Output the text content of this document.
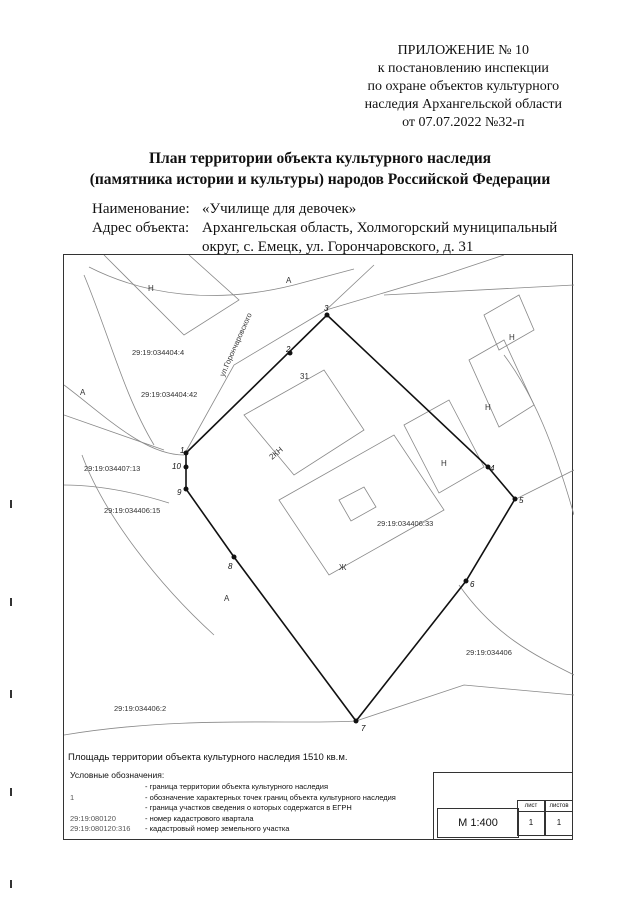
ПРИЛОЖЕНИЕ № 10
к постановлению инспекции
по охране объектов культурного
наследия Архангельской области
от 07.07.2022 №32-п
План территории объекта культурного наследия
(памятника истории и культуры) народов Российской Федерации
Наименование: «Училище для девочек»
Адрес объекта: Архангельская область, Холмогорский муниципальный округ, с. Емецк, ул. Горончаровского, д. 31
1
2
3
4
5
6
7
8
9
10
29:19:034404:4
29:19:034404:42
29:19:034407:13
29:19:034406:15
29:19:034406:33
29:19:034406
29:19:034406:2
Н
2КН
Ж
Н
Н
Н
31
А
А
А
ул.Горончаровского
Площадь территории объекта культурного наследия 1510 кв.м.
Условные обозначения:
- граница территории объекта культурного наследия
1	- обозначение характерных точек границ объекта культурного наследия
- граница участков сведения о которых содержатся в ЕГРН
29:19:080120	- номер кадастрового квартала
29:19:080120:316	- кадастровый номер земельного участка	М 1:400
лист
1
листов
1
